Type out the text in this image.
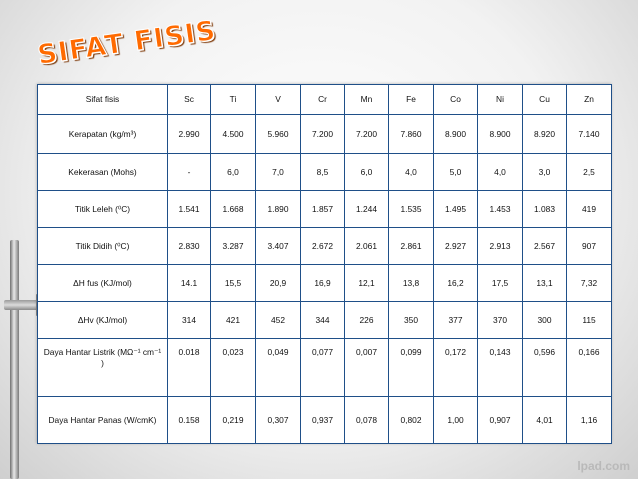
SIFAT FISIS
Sifat fisis	Sc	Ti	V	Cr	Mn	Fe	Co	Ni	Cu	Zn
Kerapatan (kg/m³)	2.990	4.500	5.960	7.200	7.200	7.860	8.900	8.900	8.920	7.140
Kekerasan (Mohs)	-	6,0	7,0	8,5	6,0	4,0	5,0	4,0	3,0	2,5
Titik Leleh (⁰C)	1.541	1.668	1.890	1.857	1.244	1.535	1.495	1.453	1.083	419
Titik Didih (⁰C)	2.830	3.287	3.407	2.672	2.061	2.861	2.927	2.913	2.567	907
ΔH fus (KJ/mol)	14.1	15,5	20,9	16,9	12,1	13,8	16,2	17,5	13,1	7,32
ΔHv (KJ/mol)	314	421	452	344	226	350	377	370	300	115
Daya Hantar Listrik (MΩ⁻¹ cm⁻¹ )	0.018	0,023	0,049	0,077	0,007	0,099	0,172	0,143	0,596	0,166
Daya Hantar Panas (W/cmK)	0.158	0,219	0,307	0,937	0,078	0,802	1,00	0,907	4,01	1,16
lpad.com
